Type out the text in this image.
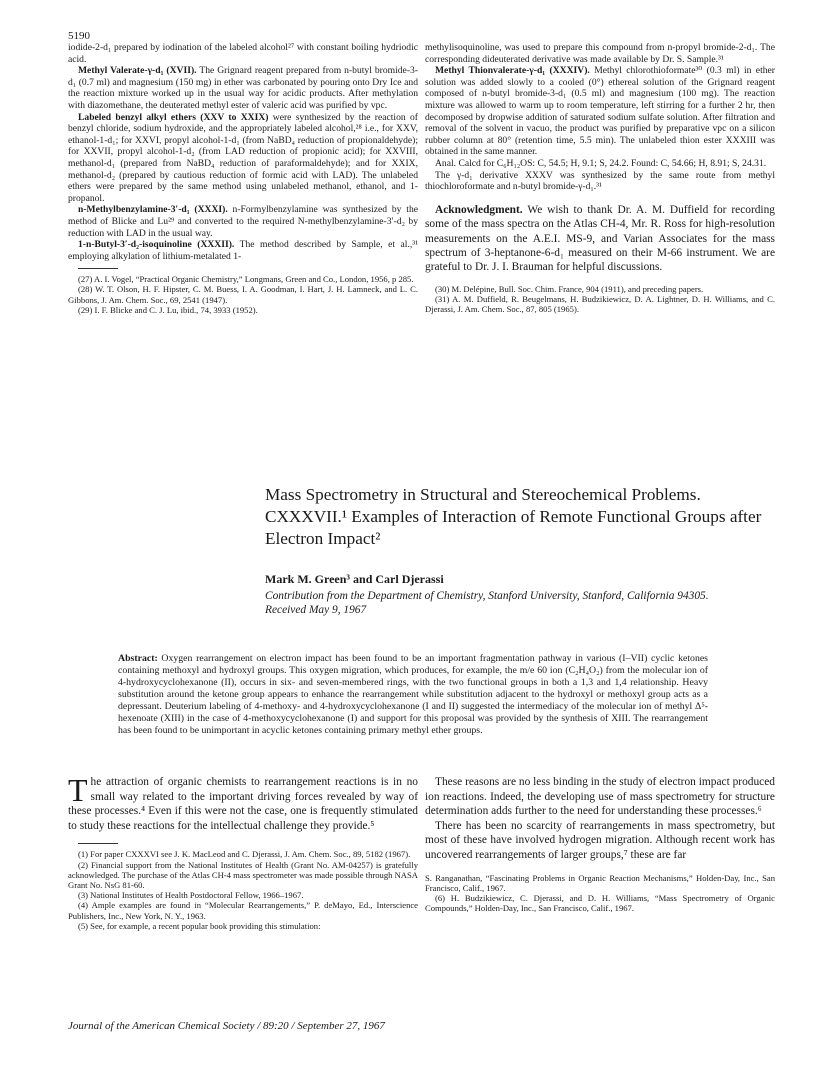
5190

iodide-2-d₁ prepared by iodination of the labeled alcohol²⁷ with constant boiling hydriodic acid.

Methyl Valerate-γ-d₁ (XVII). The Grignard reagent prepared from n-butyl bromide-3-d₁ (0.7 ml) and magnesium (150 mg) in ether was carbonated by pouring onto Dry Ice and the reaction mixture worked up in the usual way for acidic products. After methylation with diazomethane, the deuterated methyl ester of valeric acid was purified by vpc.

Labeled benzyl alkyl ethers (XXV to XXIX) were synthesized by the reaction of benzyl chloride, sodium hydroxide, and the appropriately labeled alcohol,²⁸ i.e., for XXV, ethanol-1-d₁; for XXVI, propyl alcohol-1-d₁ (from NaBD₄ reduction of propionaldehyde); for XXVII, propyl alcohol-1-d₂ (from LAD reduction of propionic acid); for XXVIII, methanol-d₁ (prepared from NaBD₄ reduction of paraformaldehyde); and for XXIX, methanol-d₂ (prepared by cautious reduction of formic acid with LAD). The unlabeled ethers were prepared by the same method using unlabeled methanol, ethanol, and 1-propanol.

n-Methylbenzylamine-3′-d₁ (XXXI). n-Formylbenzylamine was synthesized by the method of Blicke and Lu²⁹ and converted to the required N-methylbenzylamine-3′-d₂ by reduction with LAD in the usual way.

1-n-Butyl-3′-d₂-isoquinoline (XXXII). The method described by Sample, et al.,³¹ employing alkylation of lithium-metalated 1-

(27) A. I. Vogel, “Practical Organic Chemistry,” Longmans, Green and Co., London, 1956, p 285.
(28) W. T. Olson, H. F. Hipster, C. M. Buess, I. A. Goodman, I. Hart, J. H. Lamneck, and L. C. Gibbons, J. Am. Chem. Soc., 69, 2541 (1947).
(29) I. F. Blicke and C. J. Lu, ibid., 74, 3933 (1952).

methylisoquinoline, was used to prepare this compound from n-propyl bromide-2-d₁. The corresponding dideuterated derivative was made available by Dr. S. Sample.³¹

Methyl Thionvalerate-γ-d₁ (XXXIV). Methyl chlorothioformate³⁰ (0.3 ml) in ether solution was added slowly to a cooled (0°) ethereal solution of the Grignard reagent composed of n-butyl bromide-3-d₁ (0.5 ml) and magnesium (100 mg). The reaction mixture was allowed to warm up to room temperature, left stirring for a further 2 hr, then decomposed by dropwise addition of saturated sodium sulfate solution. After filtration and removal of the solvent in vacuo, the product was purified by preparative vpc on a silicon rubber column at 80° (retention time, 5.5 min). The unlabeled thion ester XXXIII was obtained in the same manner.

Anal. Calcd for C₆H₁₂OS: C, 54.5; H, 9.1; S, 24.2. Found: C, 54.66; H, 8.91; S, 24.31.

The γ-d₁ derivative XXXV was synthesized by the same route from methyl thiochloroformate and n-butyl bromide-γ-d₁.³¹

Acknowledgment. We wish to thank Dr. A. M. Duffield for recording some of the mass spectra on the Atlas CH-4, Mr. R. Ross for high-resolution measurements on the A.E.I. MS-9, and Varian Associates for the mass spectrum of 3-heptanone-6-d₁ measured on their M-66 instrument. We are grateful to Dr. J. I. Brauman for helpful discussions.
(30) M. Delépine, Bull. Soc. Chim. France, 904 (1911), and preceding papers.
(31) A. M. Duffield, R. Beugelmans, H. Budzikiewicz, D. A. Lightner, D. H. Williams, and C. Djerassi, J. Am. Chem. Soc., 87, 805 (1965).
Mass Spectrometry in Structural and Stereochemical Problems. CXXXVII.¹ Examples of Interaction of Remote Functional Groups after Electron Impact²
Mark M. Green³ and Carl Djerassi
Contribution from the Department of Chemistry, Stanford University, Stanford, California 94305. Received May 9, 1967
Abstract: Oxygen rearrangement on electron impact has been found to be an important fragmentation pathway in various (I–VII) cyclic ketones containing methoxyl and hydroxyl groups. This oxygen migration, which produces, for example, the m/e 60 ion (C₂H₄O₂) from the molecular ion of 4-hydroxycyclohexanone (II), occurs in six- and seven-membered rings, with the two functional groups in both a 1,3 and 1,4 relationship. Heavy substitution around the ketone group appears to enhance the rearrangement while substitution adjacent to the hydroxyl or methoxyl group acts as a depressant. Deuterium labeling of 4-methoxy- and 4-hydroxycyclohexanone (I and II) suggested the intermediacy of the molecular ion of methyl Δ⁵-hexenoate (XIII) in the case of 4-methoxycyclohexanone (I) and support for this proposal was provided by the synthesis of XIII. The rearrangement has been found to be unimportant in acyclic ketones containing primary methyl ether groups.
The attraction of organic chemists to rearrangement reactions is in no small way related to the important driving forces revealed by way of these processes.⁴ Even if this were not the case, one is frequently stimulated to study these reactions for the intellectual challenge they provide.⁵
(1) For paper CXXXVI see J. K. MacLeod and C. Djerassi, J. Am. Chem. Soc., 89, 5182 (1967).
(2) Financial support from the National Institutes of Health (Grant No. AM-04257) is gratefully acknowledged. The purchase of the Atlas CH-4 mass spectrometer was made possible through NASA Grant No. NsG 81-60.
(3) National Institutes of Health Postdoctoral Fellow, 1966–1967.
(4) Ample examples are found in “Molecular Rearrangements,” P. deMayo, Ed., Interscience Publishers, Inc., New York, N. Y., 1963.
(5) See, for example, a recent popular book providing this stimulation:

These reasons are no less binding in the study of electron impact produced ion reactions. Indeed, the developing use of mass spectrometry for structure determination adds further to the need for understanding these processes.⁶

There has been no scarcity of rearrangements in mass spectrometry, but most of these have involved hydrogen migration. Although recent work has uncovered rearrangements of larger groups,⁷ these are far

S. Ranganathan, “Fascinating Problems in Organic Reaction Mechanisms,” Holden-Day, Inc., San Francisco, Calif., 1967.
(6) H. Budzikiewicz, C. Djerassi, and D. H. Williams, “Mass Spectrometry of Organic Compounds,” Holden-Day, Inc., San Francisco, Calif., 1967.
Journal of the American Chemical Society / 89:20 / September 27, 1967
